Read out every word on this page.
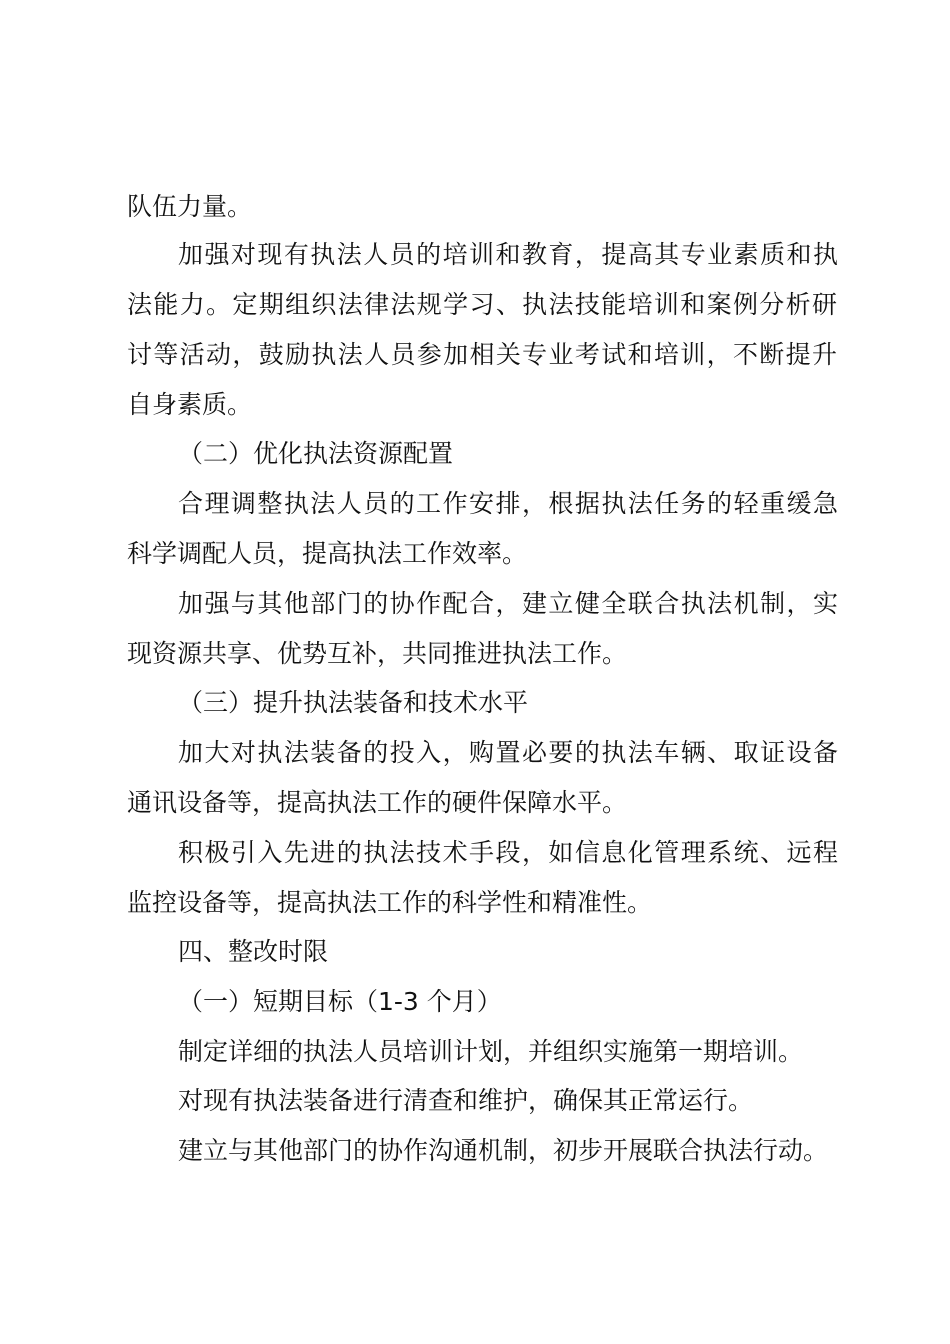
队伍力量。
加强对现有执法人员的培训和教育，提高其专业素质和执
法能力。定期组织法律法规学习、执法技能培训和案例分析研
讨等活动，鼓励执法人员参加相关专业考试和培训，不断提升
自身素质。
（二）优化执法资源配置
合理调整执法人员的工作安排，根据执法任务的轻重缓急
科学调配人员，提高执法工作效率。
加强与其他部门的协作配合，建立健全联合执法机制，实
现资源共享、优势互补，共同推进执法工作。
（三）提升执法装备和技术水平
加大对执法装备的投入，购置必要的执法车辆、取证设备
通讯设备等，提高执法工作的硬件保障水平。
积极引入先进的执法技术手段，如信息化管理系统、远程
监控设备等，提高执法工作的科学性和精准性。
四、整改时限
（一）短期目标（1-3 个月）
制定详细的执法人员培训计划，并组织实施第一期培训。
对现有执法装备进行清查和维护，确保其正常运行。
建立与其他部门的协作沟通机制，初步开展联合执法行动。
